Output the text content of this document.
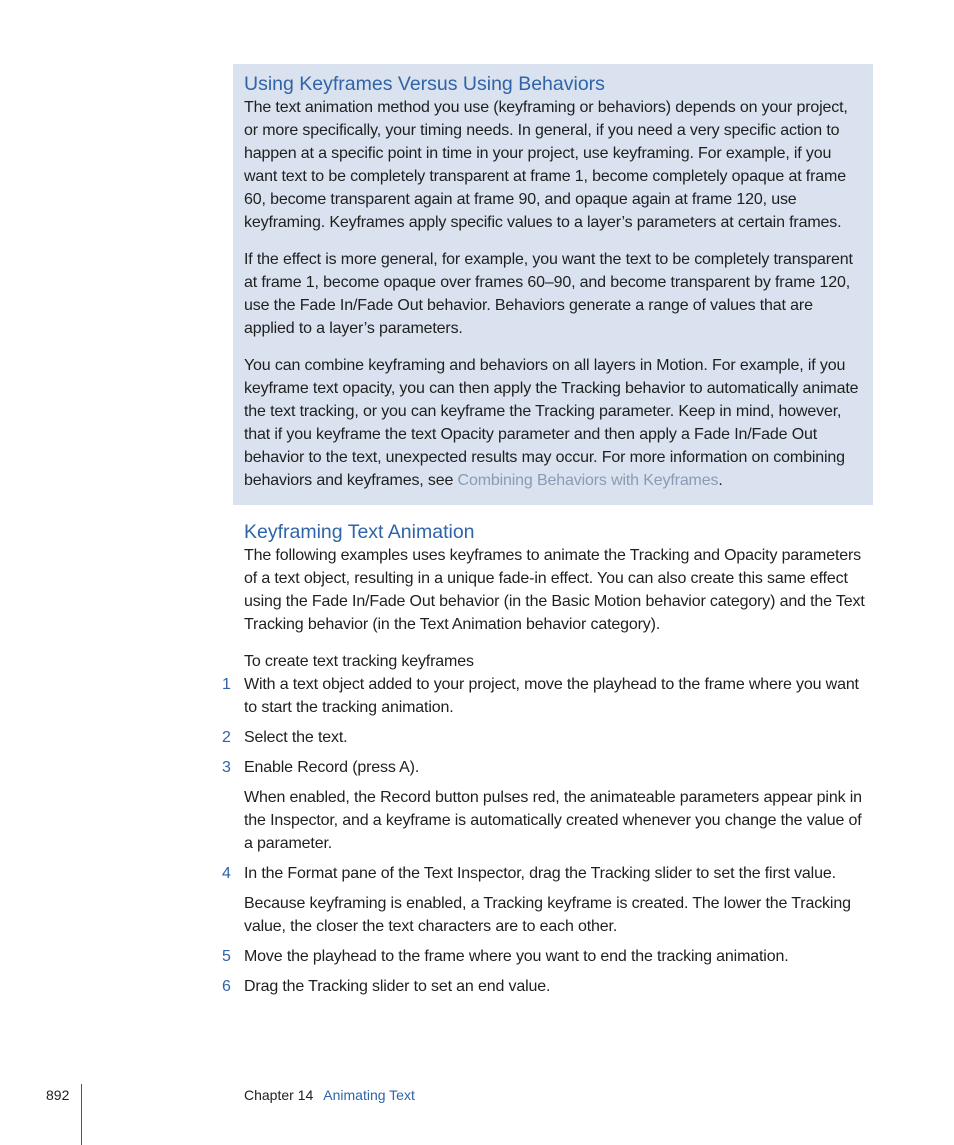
Using Keyframes Versus Using Behaviors

The text animation method you use (keyframing or behaviors) depends on your project, or more specifically, your timing needs. In general, if you need a very specific action to happen at a specific point in time in your project, use keyframing. For example, if you want text to be completely transparent at frame 1, become completely opaque at frame 60, become transparent again at frame 90, and opaque again at frame 120, use keyframing. Keyframes apply specific values to a layer’s parameters at certain frames.

If the effect is more general, for example, you want the text to be completely transparent at frame 1, become opaque over frames 60–90, and become transparent by frame 120, use the Fade In/Fade Out behavior. Behaviors generate a range of values that are applied to a layer’s parameters.

You can combine keyframing and behaviors on all layers in Motion. For example, if you keyframe text opacity, you can then apply the Tracking behavior to automatically animate the text tracking, or you can keyframe the Tracking parameter. Keep in mind, however, that if you keyframe the text Opacity parameter and then apply a Fade In/Fade Out behavior to the text, unexpected results may occur. For more information on combining behaviors and keyframes, see Combining Behaviors with Keyframes.

Keyframing Text Animation

The following examples uses keyframes to animate the Tracking and Opacity parameters of a text object, resulting in a unique fade-in effect. You can also create this same effect using the Fade In/Fade Out behavior (in the Basic Motion behavior category) and the Text Tracking behavior (in the Text Animation behavior category).

To create text tracking keyframes

1 With a text object added to your project, move the playhead to the frame where you want to start the tracking animation.

2 Select the text.

3 Enable Record (press A).

When enabled, the Record button pulses red, the animateable parameters appear pink in the Inspector, and a keyframe is automatically created whenever you change the value of a parameter.

4 In the Format pane of the Text Inspector, drag the Tracking slider to set the first value.

Because keyframing is enabled, a Tracking keyframe is created. The lower the Tracking value, the closer the text characters are to each other.

5 Move the playhead to the frame where you want to end the tracking animation.

6 Drag the Tracking slider to set an end value.

892	Chapter 14 Animating Text
